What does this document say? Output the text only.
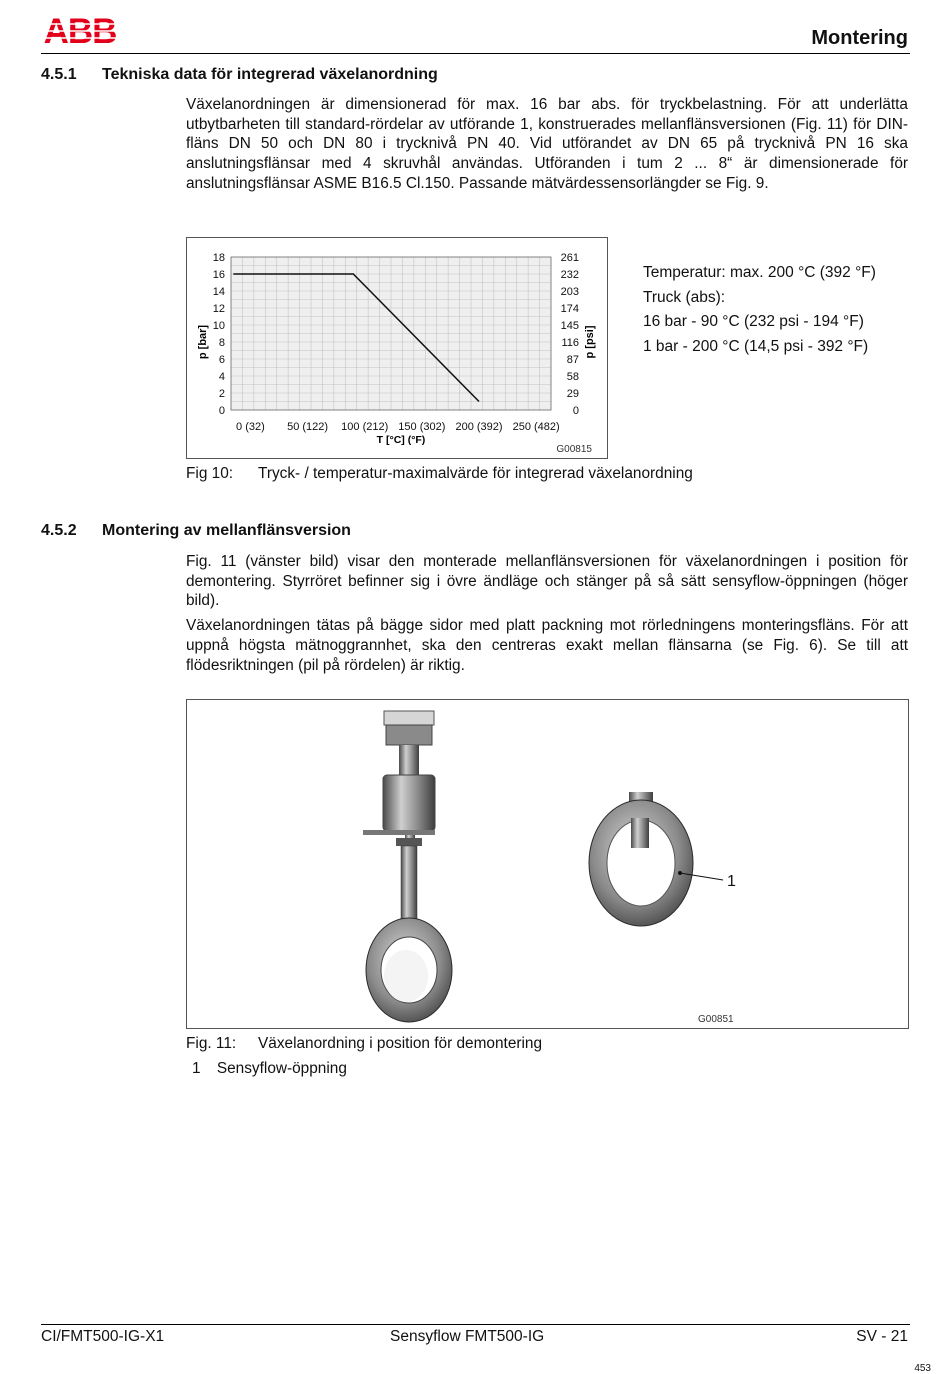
ABB	Montering
4.5.1 Tekniska data för integrerad växelanordning

Växelanordningen är dimensionerad för max. 16 bar abs. för tryckbelastning. För att underlätta utbytbarheten till standard-rördelar av utförande 1, konstruerades mellanflänsversionen (Fig. 11) för DIN-fläns DN 50 och DN 80 i trycknivå PN 40. Vid utförandet av DN 65 på trycknivå PN 16 ska anslutningsflänsar med 4 skruvhål användas. Utföranden i tum 2 ... 8“ är dimensionerade för anslutningsflänsar ASME B16.5 Cl.150. Passande mätvärdessensorlängder se Fig. 9.

0
2
4
6
8
10
12
14
16
18
0
29
58
87
116
145
174
203
232
261
0 (32) 50 (122) 100 (212) 150 (302) 200 (392) 250 (482)
p [bar]	p [psi]
T [°C] (°F)
G00815
Temperatur: max. 200 °C (392 °F)
Truck (abs):
16 bar - 90 °C (232 psi - 194 °F)
1 bar - 200 °C (14,5 psi - 392 °F)
Fig 10: Tryck- / temperatur-maximalvärde för integrerad växelanordning
4.5.2 Montering av mellanflänsversion

Fig. 11 (vänster bild) visar den monterade mellanflänsversionen för växelanordningen i position för demontering. Styrröret befinner sig i övre ändläge och stänger på så sätt sensyflow-öppningen (höger bild).

Växelanordningen tätas på bägge sidor med platt packning mot rörledningens monteringsfläns. För att uppnå högsta mätnoggrannhet, ska den centreras exakt mellan flänsarna (se Fig. 6). Se till att flödesriktningen (pil på rördelen) är riktig.

1
G00851
Fig. 11: Växelanordning i position för demontering
1 Sensyflow-öppning
CI/FMT500-IG-X1	Sensyflow FMT500-IG	SV - 21
453
